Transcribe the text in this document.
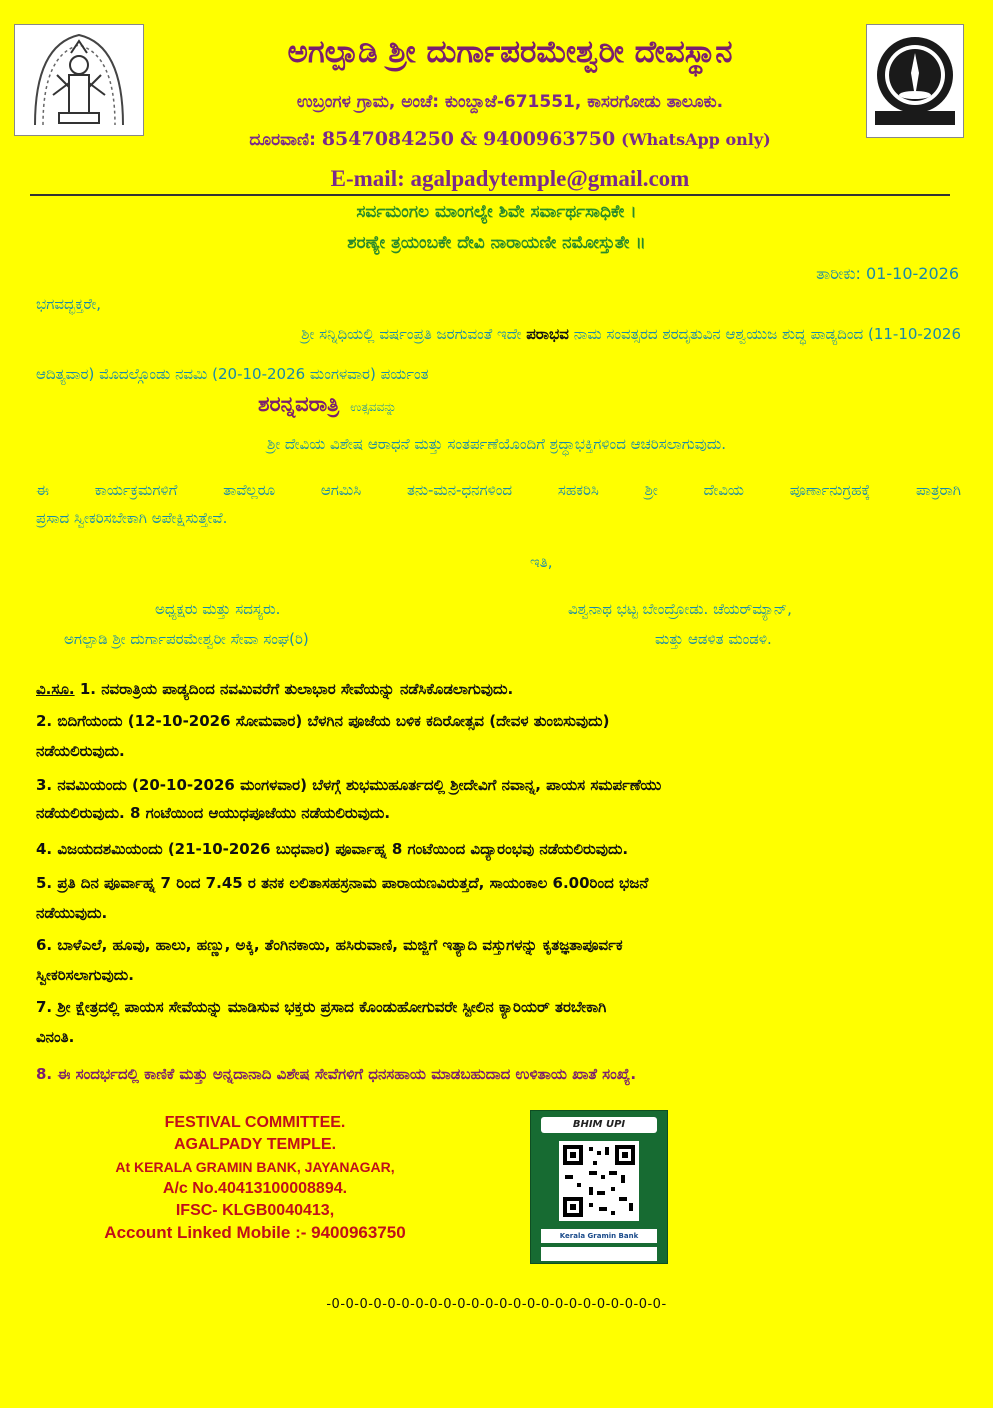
ಅಗಲ್ಪಾಡಿ ಶ್ರೀ ದುರ್ಗಾಪರಮೇಶ್ವರೀ ದೇವಸ್ಥಾನ
ಉಬ್ರಂಗಳ ಗ್ರಾಮ, ಅಂಚೆ: ಕುಂಬ್ದಾಜೆ-671551, ಕಾಸರಗೋಡು ತಾಲೂಕು.
ದೂರವಾಣಿ: 8547084250 & 9400963750 (WhatsApp only)
E-mail: agalpadytemple@gmail.com
ಸರ್ವಮಂಗಲ ಮಾಂಗಲ್ಯೇ ಶಿವೇ ಸರ್ವಾರ್ಥಸಾಧಿಕೇ ।
ಶರಣ್ಯೇ ತ್ರಯಂಬಕೇ ದೇವಿ ನಾರಾಯಣೀ ನಮೋಸ್ತುತೇ ॥
ತಾರೀಕು: 01-10-2026
ಭಗವದ್ಭಕ್ತರೇ,
ಶ್ರೀ ಸನ್ನಿಧಿಯಲ್ಲಿ ವರ್ಷಂಪ್ರತಿ ಜರಗುವಂತೆ ಇದೇ ಪರಾಭವ ನಾಮ ಸಂವತ್ಸರದ ಶರದೃತುವಿನ ಆಶ್ವಯುಜ ಶುದ್ಧ ಪಾಡ್ಯದಿಂದ (11-10-2026
ಆದಿತ್ಯವಾರ) ಮೊದಲ್ಗೊಂಡು ನವಮಿ (20-10-2026 ಮಂಗಳವಾರ) ಪರ್ಯಂತ
ಶರನ್ನವರಾತ್ರಿ ಉತ್ಸವವನ್ನು
ಶ್ರೀ ದೇವಿಯ ವಿಶೇಷ ಆರಾಧನೆ ಮತ್ತು ಸಂತರ್ಪಣೆಯೊಂದಿಗೆ ಶ್ರದ್ಧಾಭಕ್ತಿಗಳಿಂದ ಆಚರಿಸಲಾಗುವುದು.
ಈ ಕಾರ್ಯಕ್ರಮಗಳಿಗೆ ತಾವೆಲ್ಲರೂ ಆಗಮಿಸಿ ತನು-ಮನ-ಧನಗಳಿಂದ ಸಹಕರಿಸಿ ಶ್ರೀ ದೇವಿಯ ಪೂರ್ಣಾನುಗ್ರಹಕ್ಕೆ ಪಾತ್ರರಾಗಿ
ಪ್ರಸಾದ ಸ್ವೀಕರಿಸಬೇಕಾಗಿ ಅಪೇಕ್ಷಿಸುತ್ತೇವೆ.
ಇತಿ,
ಅಧ್ಯಕ್ಷರು ಮತ್ತು ಸದಸ್ಯರು.
ಅಗಲ್ಪಾಡಿ ಶ್ರೀ ದುರ್ಗಾಪರಮೇಶ್ವರೀ ಸೇವಾ ಸಂಘ(ರಿ)
ವಿಶ್ವನಾಥ ಭಟ್ಟ ಬೇಂದ್ರೋಡು. ಚೆಯರ್‌ಮ್ಯಾನ್,
ಮತ್ತು ಆಡಳಿತ ಮಂಡಳಿ.
ವಿ.ಸೂ. 1. ನವರಾತ್ರಿಯ ಪಾಡ್ಯದಿಂದ ನವಮಿವರೆಗೆ ತುಲಾಭಾರ ಸೇವೆಯನ್ನು ನಡೆಸಿಕೊಡಲಾಗುವುದು.
2. ಬಿದಿಗೆಯಂದು (12-10-2026 ಸೋಮವಾರ) ಬೆಳಗಿನ ಪೂಜೆಯ ಬಳಿಕ ಕದಿರೋತ್ಸವ (ದೇವಳ ತುಂಬಿಸುವುದು)
ನಡೆಯಲಿರುವುದು.
3. ನವಮಿಯಂದು (20-10-2026 ಮಂಗಳವಾರ) ಬೆಳಗ್ಗೆ ಶುಭಮುಹೂರ್ತದಲ್ಲಿ ಶ್ರೀದೇವಿಗೆ ನವಾನ್ನ, ಪಾಯಸ ಸಮರ್ಪಣೆಯು
ನಡೆಯಲಿರುವುದು. 8 ಗಂಟೆಯಿಂದ ಆಯುಧಪೂಜೆಯು ನಡೆಯಲಿರುವುದು.
4. ವಿಜಯದಶಮಿಯಂದು (21-10-2026 ಬುಧವಾರ) ಪೂರ್ವಾಹ್ನ 8 ಗಂಟೆಯಿಂದ ವಿದ್ಯಾರಂಭವು ನಡೆಯಲಿರುವುದು.
5. ಪ್ರತಿ ದಿನ ಪೂರ್ವಾಹ್ನ 7 ರಿಂದ 7.45 ರ ತನಕ ಲಲಿತಾಸಹಸ್ರನಾಮ ಪಾರಾಯಣವಿರುತ್ತದೆ, ಸಾಯಂಕಾಲ 6.00ರಿಂದ ಭಜನೆ
ನಡೆಯುವುದು.
6. ಬಾಳೆಎಲೆ, ಹೂವು, ಹಾಲು, ಹಣ್ಣು, ಅಕ್ಕಿ, ತೆಂಗಿನಕಾಯಿ, ಹಸಿರುವಾಣಿ, ಮಜ್ಜಿಗೆ ಇತ್ಯಾದಿ ವಸ್ತುಗಳನ್ನು ಕೃತಜ್ಞತಾಪೂರ್ವಕ
ಸ್ವೀಕರಿಸಲಾಗುವುದು.
7. ಶ್ರೀ ಕ್ಷೇತ್ರದಲ್ಲಿ ಪಾಯಸ ಸೇವೆಯನ್ನು ಮಾಡಿಸುವ ಭಕ್ತರು ಪ್ರಸಾದ ಕೊಂಡುಹೋಗುವರೇ ಸ್ಟೀಲಿನ ಕ್ಯಾರಿಯರ್ ತರಬೇಕಾಗಿ
ವಿನಂತಿ.
8. ಈ ಸಂದರ್ಭದಲ್ಲಿ ಕಾಣಿಕೆ ಮತ್ತು ಅನ್ನದಾನಾದಿ ವಿಶೇಷ ಸೇವೆಗಳಿಗೆ ಧನಸಹಾಯ ಮಾಡಬಹುದಾದ ಉಳಿತಾಯ ಖಾತೆ ಸಂಖ್ಯೆ.
FESTIVAL COMMITTEE.
AGALPADY TEMPLE.
At KERALA GRAMIN BANK, JAYANAGAR,
A/c No.40413100008894.
IFSC- KLGB0040413,
Account Linked Mobile :- 9400963750
BHIM UPI
Kerala Gramin Bank
-0-0-0-0-0-0-0-0-0-0-0-0-0-0-0-0-0-0-0-0-0-0-0-0-
